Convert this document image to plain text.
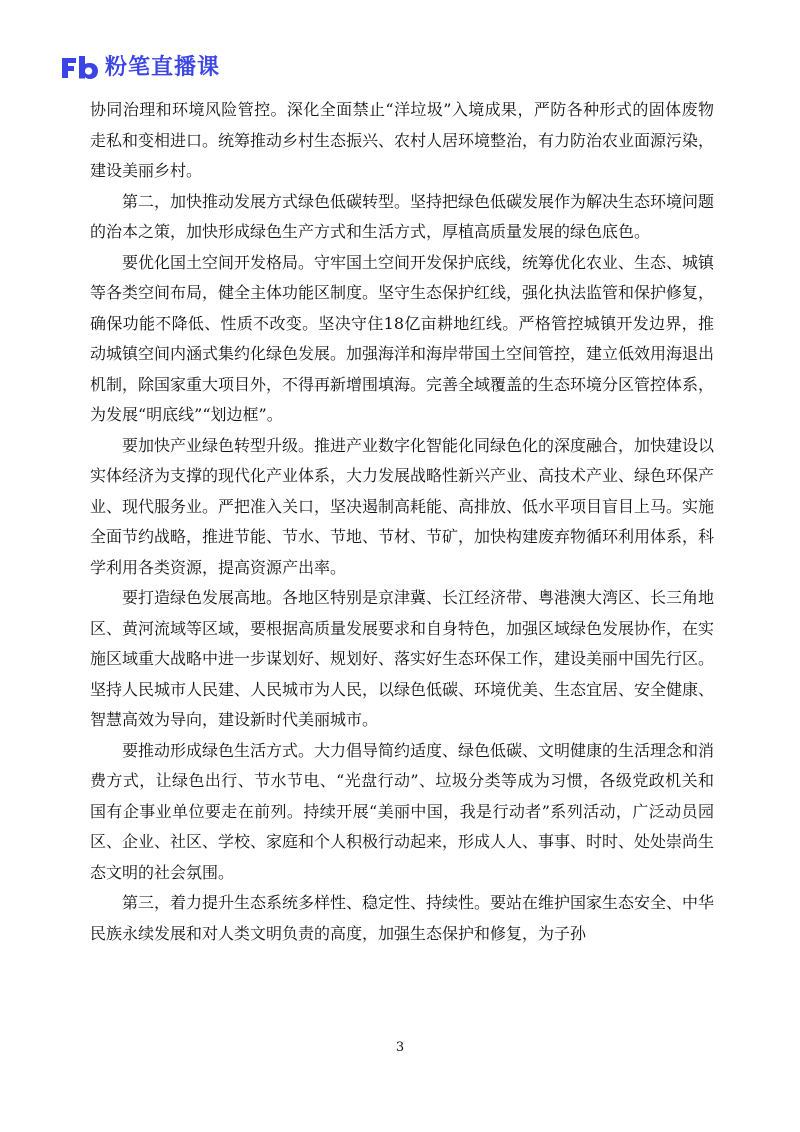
粉笔直播课

协同治理和环境风险管控。深化全面禁止“洋垃圾”入境成果，严防各种形式的固体废物走私和变相进口。统筹推动乡村生态振兴、农村人居环境整治，有力防治农业面源污染，建设美丽乡村。

第二，加快推动发展方式绿色低碳转型。坚持把绿色低碳发展作为解决生态环境问题的治本之策，加快形成绿色生产方式和生活方式，厚植高质量发展的绿色底色。

要优化国土空间开发格局。守牢国土空间开发保护底线，统筹优化农业、生态、城镇等各类空间布局，健全主体功能区制度。坚守生态保护红线，强化执法监管和保护修复，确保功能不降低、性质不改变。坚决守住18亿亩耕地红线。严格管控城镇开发边界，推动城镇空间内涵式集约化绿色发展。加强海洋和海岸带国土空间管控，建立低效用海退出机制，除国家重大项目外，不得再新增围填海。完善全域覆盖的生态环境分区管控体系，为发展“明底线”“划边框”。

要加快产业绿色转型升级。推进产业数字化智能化同绿色化的深度融合，加快建设以实体经济为支撑的现代化产业体系，大力发展战略性新兴产业、高技术产业、绿色环保产业、现代服务业。严把准入关口，坚决遏制高耗能、高排放、低水平项目盲目上马。实施全面节约战略，推进节能、节水、节地、节材、节矿，加快构建废弃物循环利用体系，科学利用各类资源，提高资源产出率。

要打造绿色发展高地。各地区特别是京津冀、长江经济带、粤港澳大湾区、长三角地区、黄河流域等区域，要根据高质量发展要求和自身特色，加强区域绿色发展协作，在实施区域重大战略中进一步谋划好、规划好、落实好生态环保工作，建设美丽中国先行区。坚持人民城市人民建、人民城市为人民，以绿色低碳、环境优美、生态宜居、安全健康、智慧高效为导向，建设新时代美丽城市。

要推动形成绿色生活方式。大力倡导简约适度、绿色低碳、文明健康的生活理念和消费方式，让绿色出行、节水节电、“光盘行动”、垃圾分类等成为习惯，各级党政机关和国有企事业单位要走在前列。持续开展“美丽中国，我是行动者”系列活动，广泛动员园区、企业、社区、学校、家庭和个人积极行动起来，形成人人、事事、时时、处处崇尚生态文明的社会氛围。

第三，着力提升生态系统多样性、稳定性、持续性。要站在维护国家生态安全、中华民族永续发展和对人类文明负责的高度，加强生态保护和修复，为子孙

3
